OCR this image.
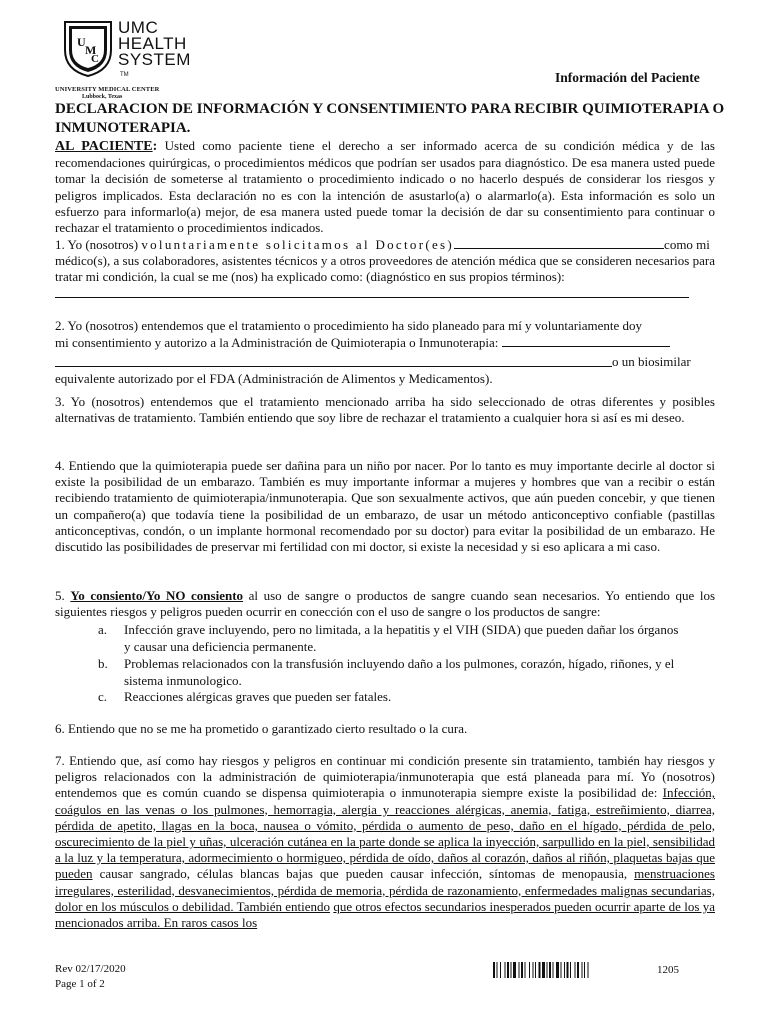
U
M
C
UMC
HEALTH
SYSTEM
TM
UNIVERSITY MEDICAL CENTER
Lubbock, Texas
Información del Paciente
DECLARACION DE INFORMACIÓN Y CONSENTIMIENTO PARA RECIBIR QUIMIOTERAPIA O INMUNOTERAPIA.

AL PACIENTE: Usted como paciente tiene el derecho a ser informado acerca de su condición médica y de las recomendaciones quirúrgicas, o procedimientos médicos que podrían ser usados para diagnóstico. De esa manera usted puede tomar la decisión de someterse al tratamiento o procedimiento indicado o no hacerlo después de considerar los riesgos y peligros implicados. Esta declaración no es con la intención de asustarlo(a) o alarmarlo(a). Esta información es solo un esfuerzo para informarlo(a) mejor, de esa manera usted puede tomar la decisión de dar su consentimiento para continuar o rechazar el tratamiento o procedimientos indicados.

1. Yo (nosotros) voluntariamente solicitamos al Doctor(es)	como mi

médico(s), a sus colaboradores, asistentes técnicos y a otros proveedores de atención médica que se consideren necesarios para tratar mi condición, la cual se me (nos) ha explicado como: (diagnóstico en sus propios términos):

2. Yo (nosotros) entendemos que el tratamiento o procedimiento ha sido planeado para mí y voluntariamente doy

mi consentimiento y autorizo a la Administración de Quimioterapia o Inmunoterapia:

o un biosimilar
equivalente autorizado por el FDA (Administración de Alimentos y Medicamentos).
3. Yo (nosotros) entendemos que el tratamiento mencionado arriba ha sido seleccionado de otras diferentes y posibles alternativas de tratamiento. También entiendo que soy libre de rechazar el tratamiento a cualquier hora si así es mi deseo.
4. Entiendo que la quimioterapia puede ser dañina para un niño por nacer. Por lo tanto es muy importante decirle al doctor si existe la posibilidad de un embarazo. También es muy importante informar a mujeres y hombres que van a recibir o están recibiendo tratamiento de quimioterapia/inmunoterapia. Que son sexualmente activos, que aún pueden concebir, y que tienen un compañero(a) que todavía tiene la posibilidad de un embarazo, de usar un método anticonceptivo confiable (pastillas anticonceptivas, condón, o un implante hormonal recomendado por su doctor) para evitar la posibilidad de un embarazo. He discutido las posibilidades de preservar mi fertilidad con mi doctor, si existe la necesidad y si eso aplicara a mi caso.

5. Yo consiento/Yo NO consiento al uso de sangre o productos de sangre cuando sean necesarios. Yo entiendo que los siguientes riesgos y peligros pueden ocurrir en conección con el uso de sangre o los productos de sangre:

a. Infección grave incluyendo, pero no limitada, a la hepatitis y el VIH (SIDA) que pueden dañar los órganos
y causar una deficiencia permanente.
b. Problemas relacionados con la transfusión incluyendo daño a los pulmones, corazón, hígado, riñones, y el
sistema inmunologico.
c. Reacciones alérgicas graves que pueden ser fatales.
6. Entiendo que no se me ha prometido o garantizado cierto resultado o la cura.

7. Entiendo que, así como hay riesgos y peligros en continuar mi condición presente sin tratamiento, también hay riesgos y peligros relacionados con la administración de quimioterapia/inmunoterapia que está planeada para mí. Yo (nosotros) entendemos que es común cuando se dispensa quimioterapia o inmunoterapia siempre existe la posibilidad de: Infección, coágulos en las venas o los pulmones, hemorragia, alergia y reacciones alérgicas, anemia, fatiga, estreñimiento, diarrea, pérdida de apetito, llagas en la boca, nausea o vómito, pérdida o aumento de peso, daño en el hígado, pérdida de pelo, oscurecimiento de la piel y uñas, ulceración cutánea en la parte donde se aplica la inyección, sarpullido en la piel, sensibilidad a la luz y la temperatura, adormecimiento o hormigueo, pérdida de oído, daños al corazón, daños al riñón, plaquetas bajas que pueden causar sangrado, células blancas bajas que pueden causar infección, síntomas de menopausia, menstruaciones irregulares, esterilidad, desvanecimientos, pérdida de memoria, pérdida de razonamiento, enfermedades malignas secundarias, dolor en los músculos o debilidad. También entiendo que otros efectos secundarios inesperados pueden ocurrir aparte de los ya mencionados arriba. En raros casos los

Rev 02/17/2020
Page 1 of 2
1205
